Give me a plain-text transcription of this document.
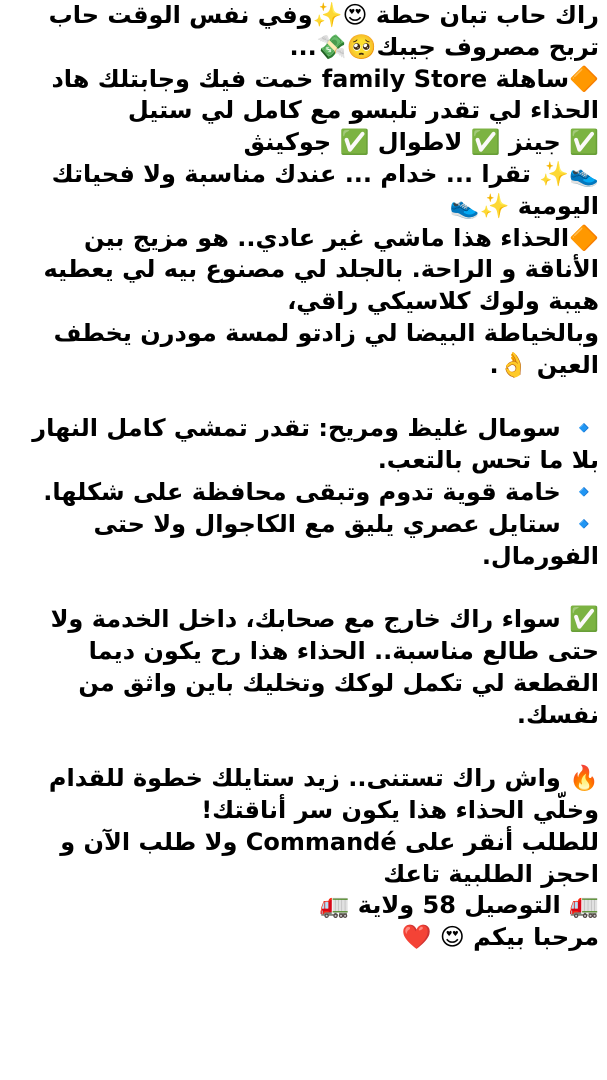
راك حاب تبان حطة 😍✨وفي نفس الوقت حاب تربح مصروف جيبك🥺💸...

🔶ساهلة family Store خمت فيك وجابتلك هاد الحذاء لي تقدر تلبسو مع كامل لي ستيل

✅ جينز ✅ لاطوال ✅ جوكينڨ

👟✨ تقرا ... خدام ... عندك مناسبة ولا فحياتك اليومية ✨👟

🔶الحذاء هذا ماشي غير عادي.. هو مزيج بين الأناقة و الراحة. بالجلد لي مصنوع بيه لي يعطيه هيبة ولوك كلاسيكي راقي،

وبالخياطة البيضا لي زادتو لمسة مودرن يخطف العين 👌.

🔹 سومال غليظ ومريح: تقدر تمشي كامل النهار بلا ما تحس بالتعب.

🔹 خامة قوية تدوم وتبقى محافظة على شكلها.

🔹 ستايل عصري يليق مع الكاجوال ولا حتى الفورمال.

✅ سواء راك خارج مع صحابك، داخل الخدمة ولا حتى طالع مناسبة.. الحذاء هذا رح يكون ديما القطعة لي تكمل لوكك وتخليك باين واثق من نفسك.

🔥 واش راك تستنى.. زيد ستايلك خطوة للقدام وخلّي الحذاء هذا يكون سر أناقتك!

للطلب أنقر على Commandé ولا طلب الآن و احجز الطلبية تاعك

🚛 التوصيل 58 ولاية 🚛

مرحبا بيكم 😍 ❤️
